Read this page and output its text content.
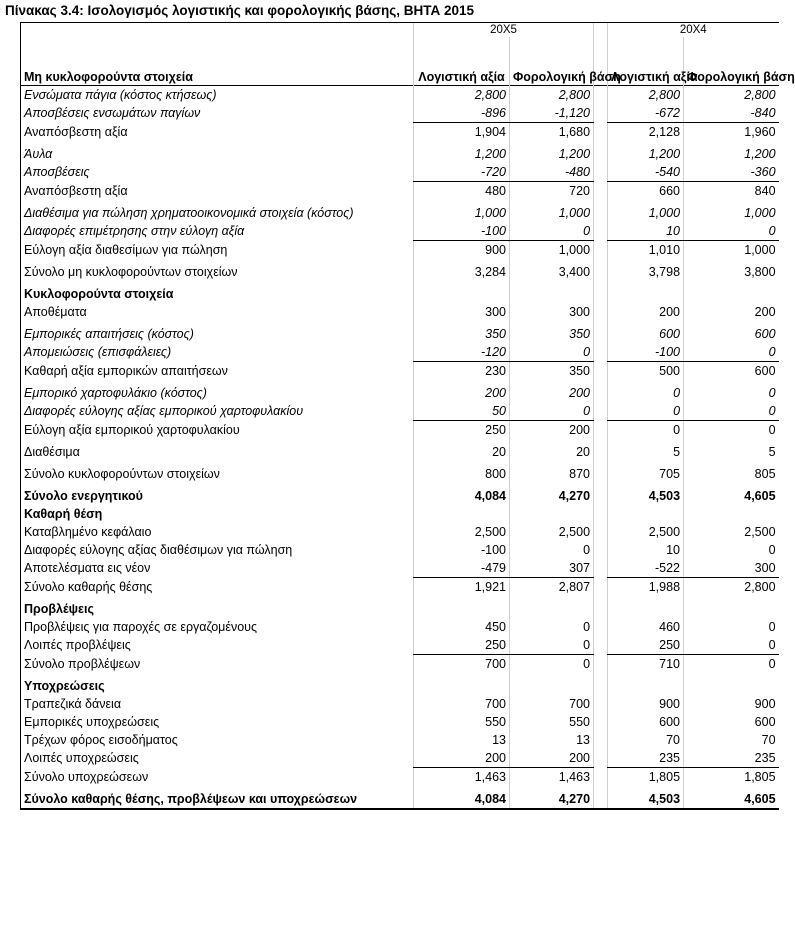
Πίνακας 3.4: Ισολογισμός λογιστικής και φορολογικής βάσης, ΒΗΤΑ 2015
	20X5			20X4	
Μη κυκλοφορούντα στοιχεία	Λογιστική αξία	Φορολογική βάση		Λογιστική αξία	Φορολογική βάση
Ενσώματα πάγια (κόστος κτήσεως)	2,800	2,800		2,800	2,800
Αποσβέσεις ενσωμάτων παγίων	-896	-1,120		-672	-840
Αναπόσβεστη αξία	1,904	1,680		2,128	1,960

Άυλα	1,200	1,200		1,200	1,200
Αποσβέσεις	-720	-480		-540	-360
Αναπόσβεστη αξία	480	720		660	840

Διαθέσιμα για πώληση χρηματοοικονομικά στοιχεία (κόστος)	1,000	1,000		1,000	1,000
Διαφορές επιμέτρησης στην εύλογη αξία	-100	0		10	0
Εύλογη αξία διαθεσίμων για πώληση	900	1,000		1,010	1,000

Σύνολο μη κυκλοφορούντων στοιχείων	3,284	3,400		3,798	3,800

Κυκλοφορούντα στοιχεία					
Αποθέματα	300	300		200	200

Εμπορικές απαιτήσεις (κόστος)	350	350		600	600
Απομειώσεις (επισφάλειες)	-120	0		-100	0
Καθαρή αξία εμπορικών απαιτήσεων	230	350		500	600

Εμπορικό χαρτοφυλάκιο (κόστος)	200	200		0	0
Διαφορές εύλογης αξίας εμπορικού χαρτοφυλακίου	50	0		0	0
Εύλογη αξία εμπορικού χαρτοφυλακίου	250	200		0	0

Διαθέσιμα	20	20		5	5

Σύνολο κυκλοφορούντων στοιχείων	800	870		705	805

Σύνολο ενεργητικού	4,084	4,270		4,503	4,605
Καθαρή θέση					
Καταβλημένο κεφάλαιο	2,500	2,500		2,500	2,500
Διαφορές εύλογης αξίας διαθέσιμων για πώληση	-100	0		10	0
Αποτελέσματα εις νέον	-479	307		-522	300
Σύνολο καθαρής θέσης	1,921	2,807		1,988	2,800

Προβλέψεις					
Προβλέψεις για παροχές σε εργαζομένους	450	0		460	0
Λοιπές προβλέψεις	250	0		250	0
Σύνολο προβλέψεων	700	0		710	0

Υποχρεώσεις					
Τραπεζικά δάνεια	700	700		900	900
Εμπορικές υποχρεώσεις	550	550		600	600
Τρέχων φόρος εισοδήματος	13	13		70	70
Λοιπές υποχρεώσεις	200	200		235	235
Σύνολο υποχρεώσεων	1,463	1,463		1,805	1,805

Σύνολο καθαρής θέσης, προβλέψεων και υποχρεώσεων	4,084	4,270		4,503	4,605
